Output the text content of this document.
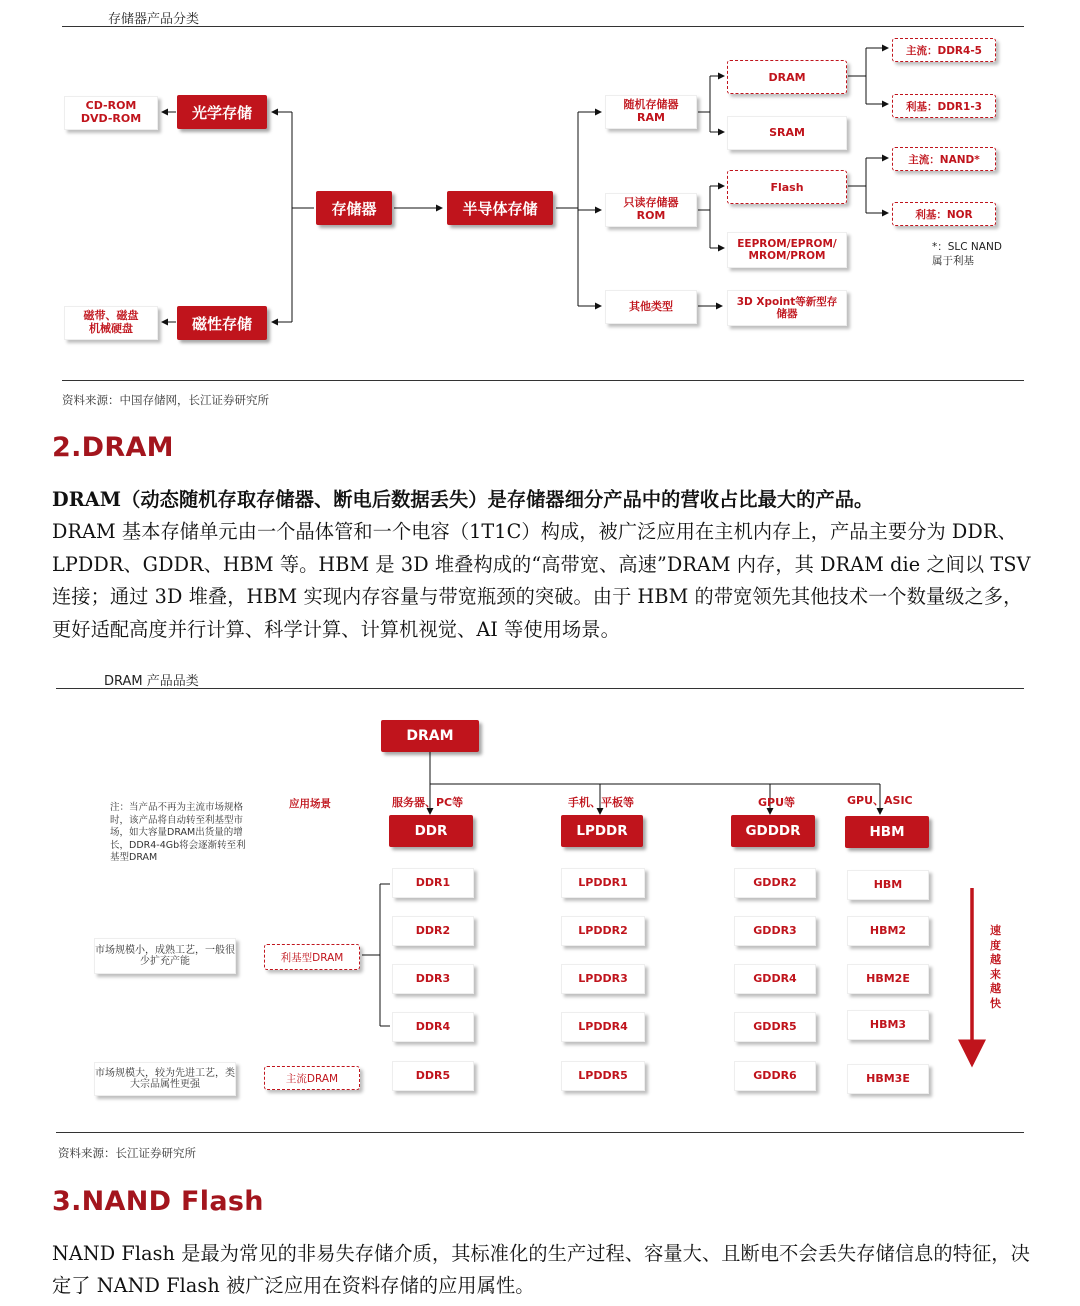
存储器产品分类
CD-ROM
DVD-ROM	光学存储
存储器	半导体存储
磁带、磁盘
机械硬盘	磁性存储
随机存储器
RAM
只读存储器
ROM
其他类型
DRAM
SRAM
Flash
EEPROM/EPROM/
MROM/PROM
3D Xpoint等新型存
储器
主流：DDR4-5
利基：DDR1-3
主流：NAND*
利基：NOR
*：SLC NAND
属于利基
资料来源：中国存储网，长江证券研究所
2.DRAM
DRAM（动态随机存取存储器、断电后数据丢失）是存储器细分产品中的营收占比最大的产品。
DRAM 基本存储单元由一个晶体管和一个电容（1T1C）构成，被广泛应用在主机内存上，产品主要分为 DDR、LPDDR、GDDR、HBM 等。HBM 是 3D 堆叠构成的“高带宽、高速”DRAM 内存，其 DRAM die 之间以 TSV 连接；通过 3D 堆叠，HBM 实现内存容量与带宽瓶颈的突破。由于 HBM 的带宽领先其他技术一个数量级之多，更好适配高度并行计算、科学计算、计算机视觉、AI 等使用场景。
DRAM 产品品类
DRAM
注：当产品不再为主流市场规格时，该产品将自动转至利基型市场，如大容量DRAM出货量的增长，DDR4-4Gb将会逐渐转至利基型DRAM
应用场景	服务器、PC等
DDR
DDR1
DDR2
DDR3
DDR4
DDR5
手机、平板等
LPDDR
LPDDR1
LPDDR2
LPDDR3
LPDDR4
LPDDR5
GPU等
GDDDR
GDDR2
GDDR3
GDDR4
GDDR5
GDDR6
GPU、ASIC
HBM
HBM
HBM2
HBM2E
HBM3
HBM3E
市场规模小，成熟工艺，一般很少扩充产能	利基型DRAM
市场规模大，较为先进工艺，类大宗品属性更强	主流DRAM
速度越来越快
资料来源：长江证券研究所
3.NAND Flash
NAND Flash 是最为常见的非易失存储介质，其标准化的生产过程、容量大、且断电不会丢失存储信息的特征，决定了 NAND Flash 被广泛应用在资料存储的应用属性。
